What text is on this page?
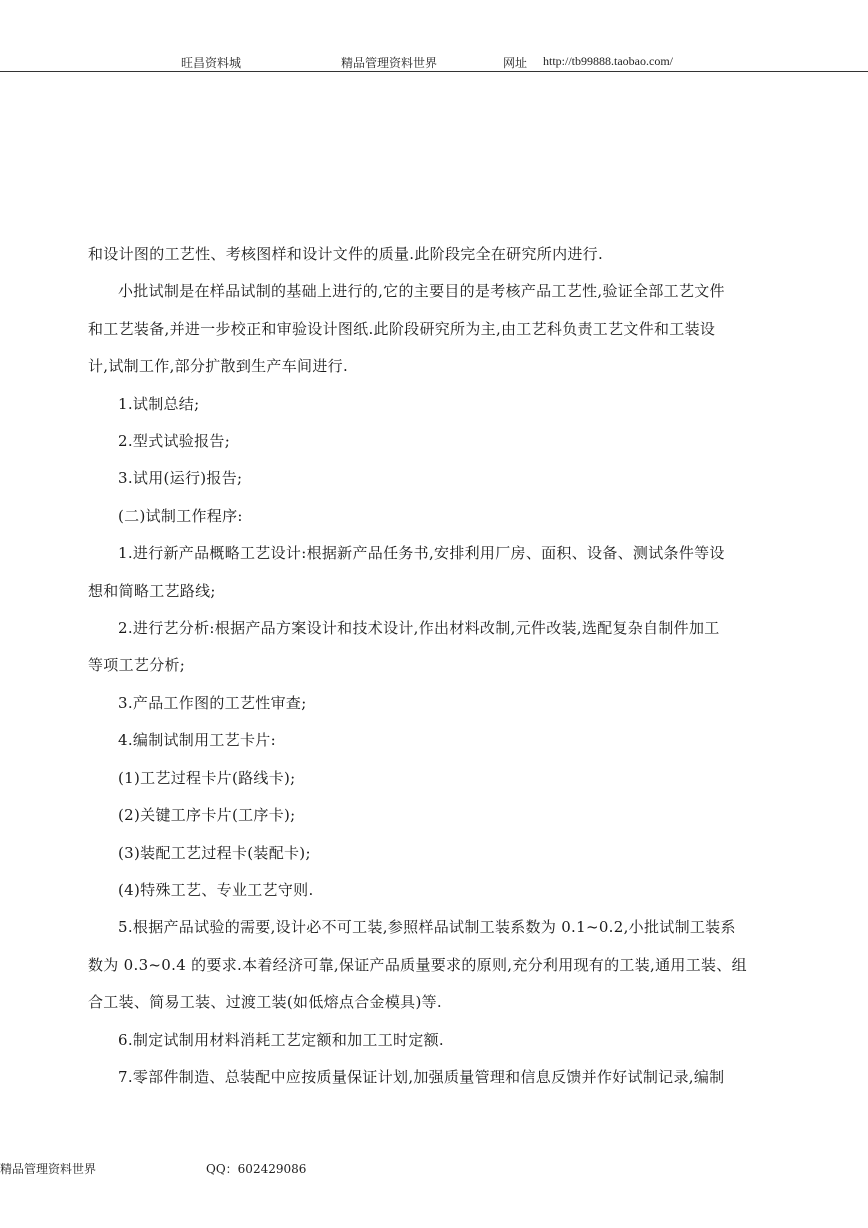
旺昌资料城	精品管理资料世界	网址 http://tb99888.taobao.com/

和设计图的工艺性、考核图样和设计文件的质量.此阶段完全在研究所内进行.

小批试制是在样品试制的基础上进行的,它的主要目的是考核产品工艺性,验证全部工艺文件

和工艺装备,并进一步校正和审验设计图纸.此阶段研究所为主,由工艺科负责工艺文件和工装设

计,试制工作,部分扩散到生产车间进行.

1.试制总结;

2.型式试验报告;

3.试用(运行)报告;

(二)试制工作程序:

1.进行新产品概略工艺设计:根据新产品任务书,安排利用厂房、面积、设备、测试条件等设

想和简略工艺路线;

2.进行艺分析:根据产品方案设计和技术设计,作出材料改制,元件改装,选配复杂自制件加工

等项工艺分析;

3.产品工作图的工艺性审查;

4.编制试制用工艺卡片:

(1)工艺过程卡片(路线卡);

(2)关键工序卡片(工序卡);

(3)装配工艺过程卡(装配卡);

(4)特殊工艺、专业工艺守则.

5.根据产品试验的需要,设计必不可工装,参照样品试制工装系数为 0.1~0.2,小批试制工装系

数为 0.3~0.4 的要求.本着经济可靠,保证产品质量要求的原则,充分利用现有的工装,通用工装、组

合工装、简易工装、过渡工装(如低熔点合金模具)等.

6.制定试制用材料消耗工艺定额和加工工时定额.

7.零部件制造、总装配中应按质量保证计划,加强质量管理和信息反馈并作好试制记录,编制

精品管理资料世界	QQ：602429086
